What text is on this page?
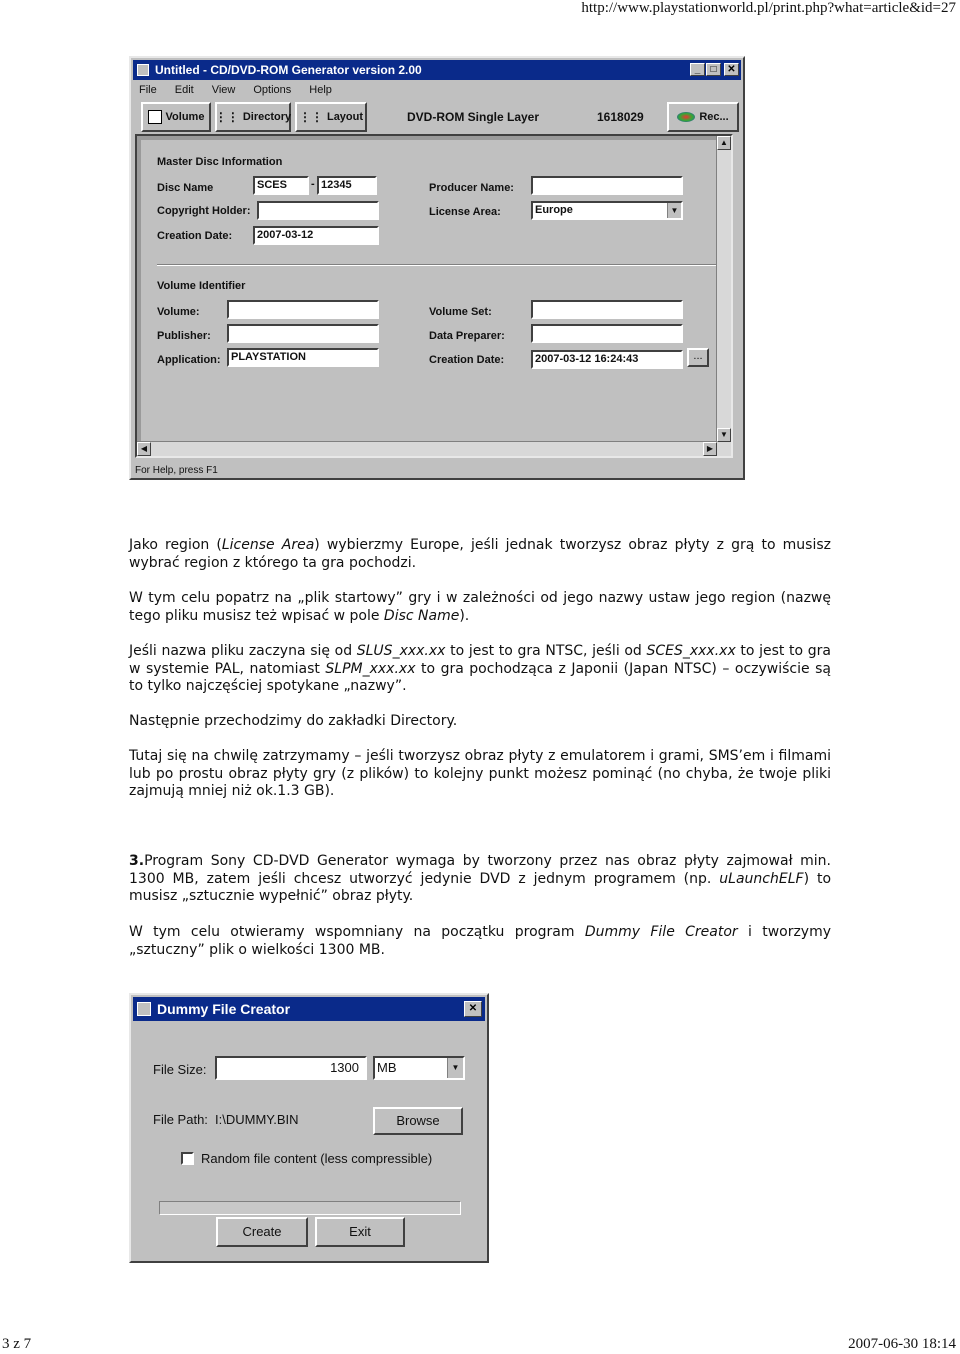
http://www.playstationworld.pl/print.php?what=article&id=27
3 z 7	2007-06-30 18:14
Untitled - CD/DVD-ROM Generator version 2.00	_	□	✕
File Edit View Options Help
Volume ⋮⋮ Directory ⋮⋮ Layout	DVD-ROM Single Layer	1618029	Rec...
Master Disc Information
Disc Name	SCES	- 12345
Copyright Holder:
Creation Date:	2007-03-12
Producer Name:
License Area:	Europe	▼
Volume Identifier
Volume:
Publisher:
Application: PLAYSTATION
Volume Set:
Data Preparer:
Creation Date:	2007-03-12 16:24:43	...
▲
▼
◀	▶
For Help, press F1
Jako region (License Area) wybierzmy Europe, jeśli jednak tworzysz obraz płyty z grą to musisz wybrać region z którego ta gra pochodzi.
W tym celu popatrz na „plik startowy” gry i w zależności od jego nazwy ustaw jego region (nazwę tego pliku musisz też wpisać w pole Disc Name).
Jeśli nazwa pliku zaczyna się od SLUS_xxx.xx to jest to gra NTSC, jeśli od SCES_xxx.xx to jest to gra w systemie PAL, natomiast SLPM_xxx.xx to gra pochodząca z Japonii (Japan NTSC) – oczywiście są to tylko najczęściej spotykane „nazwy”.
Następnie przechodzimy do zakładki Directory.
Tutaj się na chwilę zatrzymamy – jeśli tworzysz obraz płyty z emulatorem i grami, SMS’em i filmami lub po prostu obraz płyty gry (z plików) to kolejny punkt możesz pominąć (no chyba, że twoje pliki zajmują mniej niż ok.1.3 GB).
3.Program Sony CD-DVD Generator wymaga by tworzony przez nas obraz płyty zajmował min. 1300 MB, zatem jeśli chcesz utworzyć jedynie DVD z jednym programem (np. uLaunchELF) to musisz „sztucznie wypełnić” obraz płyty.
W tym celu otwieramy wspomniany na początku program Dummy File Creator i tworzymy „sztuczny” plik o wielkości 1300 MB.
Dummy File Creator	✕
File Size:	1300	MB	▼
File Path: I:\DUMMY.BIN	Browse
Random file content (less compressible)
Create	Exit
